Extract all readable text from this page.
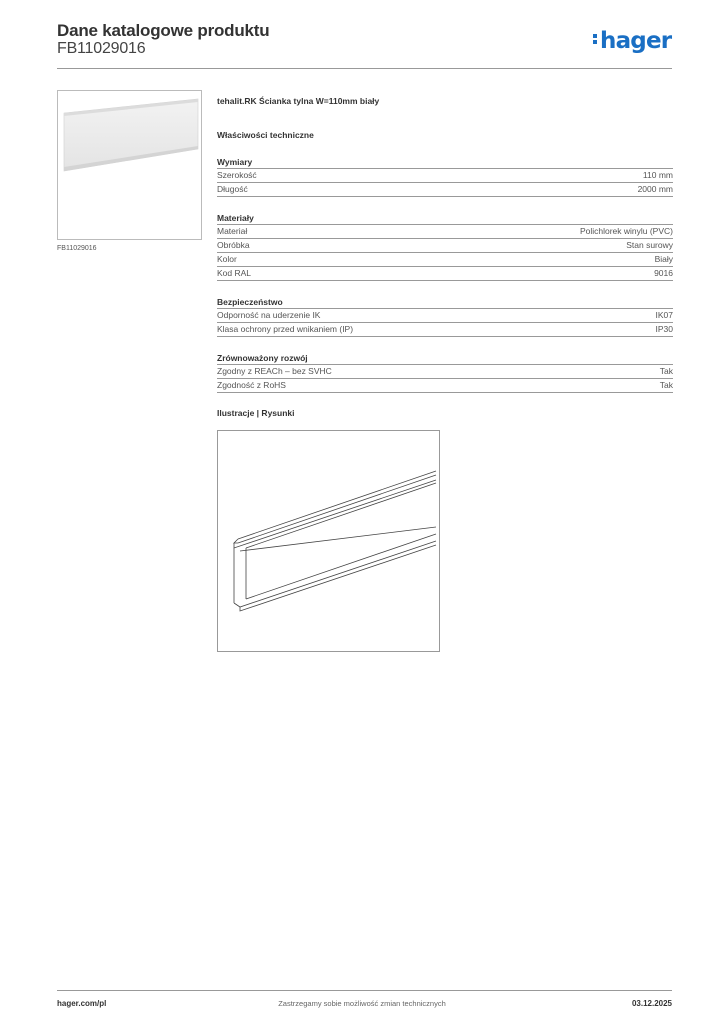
Dane katalogowe produktu
FB11029016	hager
FB11029016
tehalit.RK Ścianka tylna W=110mm biały
Właściwości techniczne
Wymiary
Szerokość	110 mm
Długość	2000 mm
Materiały
Materiał	Polichlorek winylu (PVC)
Obróbka	Stan surowy
Kolor	Biały
Kod RAL	9016
Bezpieczeństwo
Odporność na uderzenie IK	IK07
Klasa ochrony przed wnikaniem (IP)	IP30
Zrównoważony rozwój
Zgodny z REACh – bez SVHC	Tak
Zgodność z RoHS	Tak
Ilustracje | Rysunki
hager.com/pl	Zastrzegamy sobie możliwość zmian technicznych	03.12.2025
